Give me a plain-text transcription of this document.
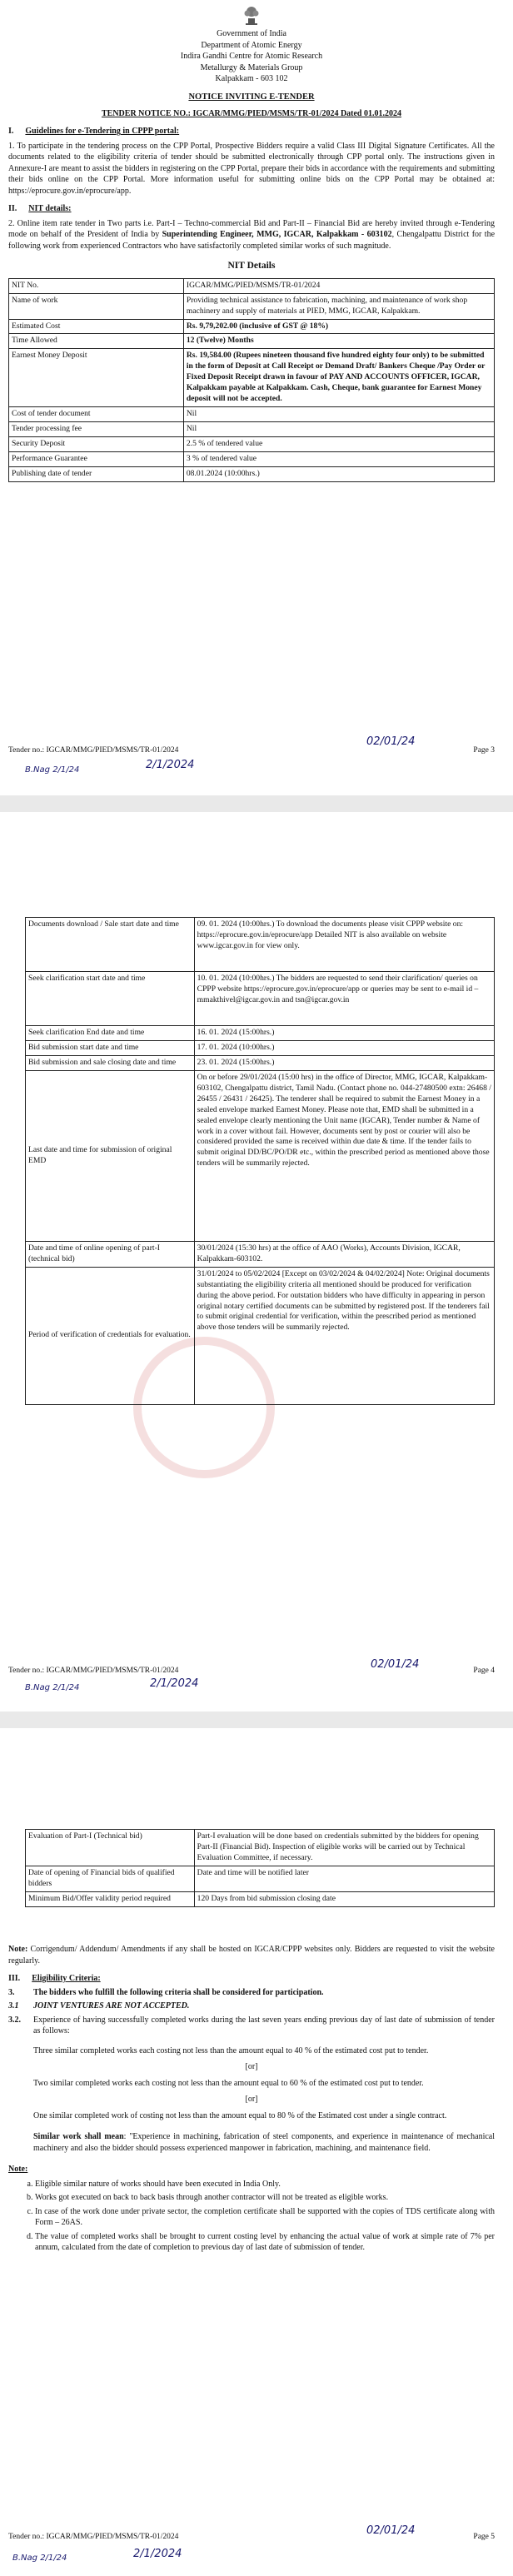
Government of India
Department of Atomic Energy
Indira Gandhi Centre for Atomic Research
Metallurgy & Materials Group
Kalpakkam - 603 102
NOTICE INVITING E-TENDER
TENDER NOTICE NO.: IGCAR/MMG/PIED/MSMS/TR-01/2024 Dated 01.01.2024
I. Guidelines for e-Tendering in CPPP portal:
1. To participate in the tendering process on the CPP Portal, Prospective Bidders require a valid Class III Digital Signature Certificates. All the documents related to the eligibility criteria of tender should be submitted electronically through CPP portal only. The instructions given in Annexure-I are meant to assist the bidders in registering on the CPP Portal, prepare their bids in accordance with the requirements and submitting their bids online on the CPP Portal. More information useful for submitting online bids on the CPP Portal may be obtained at: https://eprocure.gov.in/eprocure/app.
II. NIT details:
2. Online item rate tender in Two parts i.e. Part-I – Techno-commercial Bid and Part-II – Financial Bid are hereby invited through e-Tendering mode on behalf of the President of India by Superintending Engineer, MMG, IGCAR, Kalpakkam - 603102, Chengalpattu District for the following work from experienced Contractors who have satisfactorily completed similar works of such magnitude.
NIT Details
NIT No.	IGCAR/MMG/PIED/MSMS/TR-01/2024
Name of work	Providing technical assistance to fabrication, machining, and maintenance of work shop machinery and supply of materials at PIED, MMG, IGCAR, Kalpakkam.
Estimated Cost	Rs. 9,79,202.00 (inclusive of GST @ 18%)
Time Allowed	12 (Twelve) Months
Earnest Money Deposit	Rs. 19,584.00 (Rupees nineteen thousand five hundred eighty four only) to be submitted in the form of Deposit at Call Receipt or Demand Draft/ Bankers Cheque /Pay Order or Fixed Deposit Receipt drawn in favour of PAY AND ACCOUNTS OFFICER, IGCAR, Kalpakkam payable at Kalpakkam. Cash, Cheque, bank guarantee for Earnest Money deposit will not be accepted.
Cost of tender document	Nil
Tender processing fee	Nil
Security Deposit	2.5 % of tendered value
Performance Guarantee	3 % of tendered value
Publishing date of tender	08.01.2024 (10:00hrs.)
Tender no.: IGCAR/MMG/PIED/MSMS/TR-01/2024	Page 3
02/01/24
B.Nag 2/1/24	2/1/2024
Documents download / Sale start date and time	09. 01. 2024 (10:00hrs.) To download the documents please visit CPPP website on: https://eprocure.gov.in/eprocure/app Detailed NIT is also available on website www.igcar.gov.in for view only.
Seek clarification start date and time	10. 01. 2024 (10:00hrs.) The bidders are requested to send their clarification/ queries on CPPP website https://eprocure.gov.in/eprocure/app or queries may be sent to e-mail id – mmakthivel@igcar.gov.in and tsn@igcar.gov.in
Seek clarification End date and time	16. 01. 2024 (15:00hrs.)
Bid submission start date and time	17. 01. 2024 (10:00hrs.)
Bid submission and sale closing date and time	23. 01. 2024 (15:00hrs.)
Last date and time for submission of original EMD	On or before 29/01/2024 (15:00 hrs) in the office of Director, MMG, IGCAR, Kalpakkam-603102, Chengalpattu district, Tamil Nadu. (Contact phone no. 044-27480500 extn: 26468 / 26455 / 26431 / 26425). The tenderer shall be required to submit the Earnest Money in a sealed envelope marked Earnest Money. Please note that, EMD shall be submitted in a sealed envelope clearly mentioning the Unit name (IGCAR), Tender number & Name of work in a cover without fail. However, documents sent by post or courier will also be considered provided the same is received within due date & time. If the tender fails to submit original DD/BC/PO/DR etc., within the prescribed period as mentioned above those tenders will be summarily rejected.
Date and time of online opening of part-I (technical bid)	30/01/2024 (15:30 hrs) at the office of AAO (Works), Accounts Division, IGCAR, Kalpakkam-603102.
Period of verification of credentials for evaluation.	31/01/2024 to 05/02/2024 [Except on 03/02/2024 & 04/02/2024] Note: Original documents substantiating the eligibility criteria all mentioned should be produced for verification during the above period. For outstation bidders who have difficulty in appearing in person original notary certified documents can be submitted by registered post. If the tenderers fail to submit original credential for verification, within the prescribed period as mentioned above those tenders will be summarily rejected.
Tender no.: IGCAR/MMG/PIED/MSMS/TR-01/2024	Page 4
02/01/24
B.Nag 2/1/24	2/1/2024
Evaluation of Part-I (Technical bid)	Part-I evaluation will be done based on credentials submitted by the bidders for opening Part-II (Financial Bid). Inspection of eligible works will be carried out by Technical Evaluation Committee, if necessary.
Date of opening of Financial bids of qualified bidders	Date and time will be notified later
Minimum Bid/Offer validity period required	120 Days from bid submission closing date
Note: Corrigendum/ Addendum/ Amendments if any shall be hosted on IGCAR/CPPP websites only. Bidders are requested to visit the website regularly.
III. Eligibility Criteria:
3. The bidders who fulfill the following criteria shall be considered for participation.
3.1 JOINT VENTURES ARE NOT ACCEPTED.
3.2.	Experience of having successfully completed works during the last seven years ending previous day of last date of submission of tender as follows:
Three similar completed works each costing not less than the amount equal to 40 % of the estimated cost put to tender.
[or]
Two similar completed works each costing not less than the amount equal to 60 % of the estimated cost put to tender.
[or]
One similar completed work of costing not less than the amount equal to 80 % of the Estimated cost under a single contract.
Similar work shall mean: "Experience in machining, fabrication of steel components, and experience in maintenance of mechanical machinery and also the bidder should possess experienced manpower in fabrication, machining, and maintenance field.
Note:
a. Eligible similar nature of works should have been executed in India Only.
b. Works got executed on back to back basis through another contractor will not be treated as eligible works.
c. In case of the work done under private sector, the completion certificate shall be supported with the copies of TDS certificate along with Form – 26AS.
d. The value of completed works shall be brought to current costing level by enhancing the actual value of work at simple rate of 7% per annum, calculated from the date of completion to previous day of last date of submission of tender.
Tender no.: IGCAR/MMG/PIED/MSMS/TR-01/2024	Page 5
02/01/24
B.Nag 2/1/24	2/1/2024
